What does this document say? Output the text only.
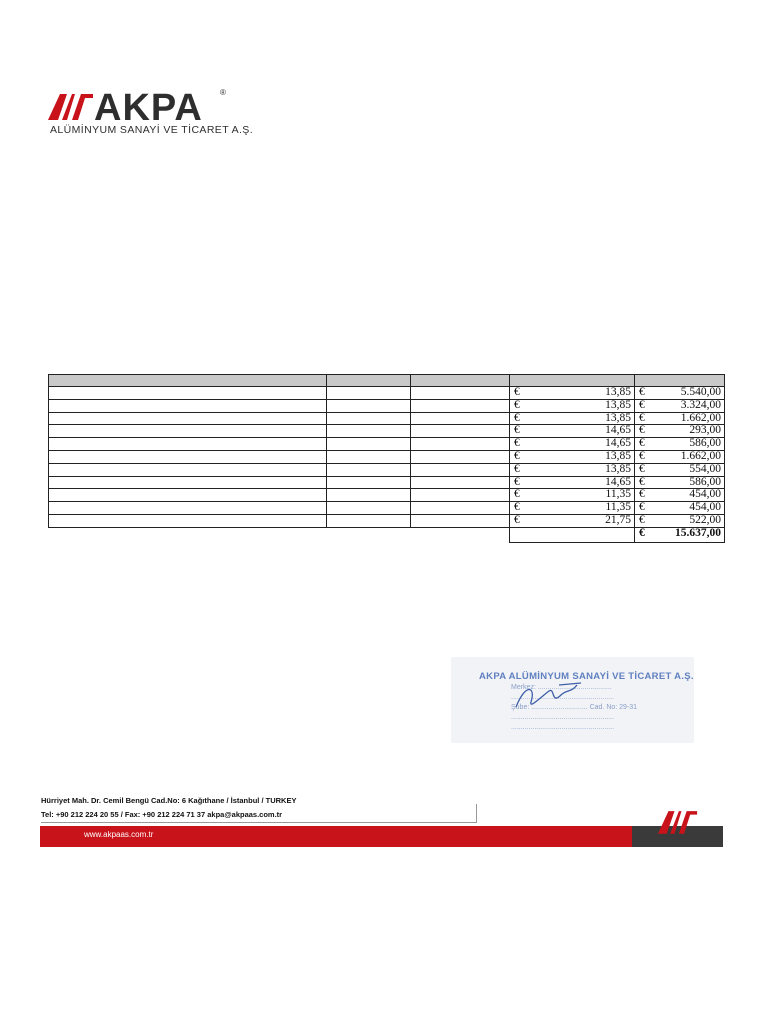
AKPA ®
ALÜMİNYUM SANAYİ VE TİCARET A.Ş.

			€ 13,85	€ 5.540,00

			€ 13,85	€ 3.324,00

			€ 13,85	€ 1.662,00

			€ 14,65	€ 293,00

			€ 14,65	€ 586,00

			€ 13,85	€ 1.662,00

			€ 13,85	€ 554,00

			€ 14,65	€ 586,00

			€ 11,35	€ 454,00

			€ 11,35	€ 454,00

			€ 21,75	€ 522,00

				€ 15.637,00
AKPA ALÜMİNYUM SANAYİ VE TİCARET A.Ş.
Merkez: ......................................
.....................................................
Şube: ............................. Cad. No: 29-31
.....................................................
.....................................................
Hürriyet Mah. Dr. Cemil Bengü Cad.No: 6 Kağıthane / İstanbul / TURKEY
Tel: +90 212 224 20 55 / Fax: +90 212 224 71 37 akpa@akpaas.com.tr
www.akpaas.com.tr
